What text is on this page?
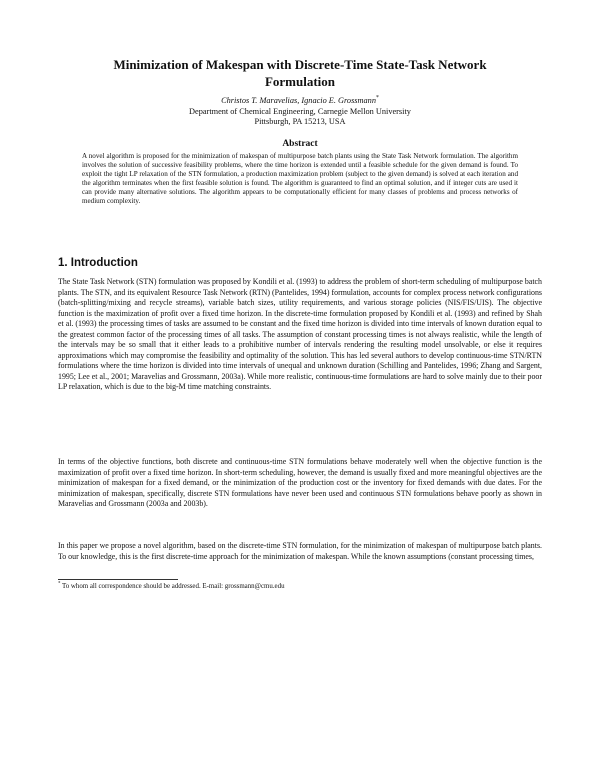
Minimization of Makespan with Discrete-Time State-Task Network Formulation
Christos T. Maravelias, Ignacio E. Grossmann*
Department of Chemical Engineering, Carnegie Mellon University
Pittsburgh, PA 15213, USA
Abstract

A novel algorithm is proposed for the minimization of makespan of multipurpose batch plants using the State Task Network formulation. The algorithm involves the solution of successive feasibility problems, where the time horizon is extended until a feasible schedule for the given demand is found. To exploit the tight LP relaxation of the STN formulation, a production maximization problem (subject to the given demand) is solved at each iteration and the algorithm terminates when the first feasible solution is found. The algorithm is guaranteed to find an optimal solution, and if integer cuts are used it can provide many alternative solutions. The algorithm appears to be computationally efficient for many classes of problems and process networks of medium complexity.

1. Introduction

The State Task Network (STN) formulation was proposed by Kondili et al. (1993) to address the problem of short-term scheduling of multipurpose batch plants. The STN, and its equivalent Resource Task Network (RTN) (Pantelides, 1994) formulation, accounts for complex process network configurations (batch-splitting/mixing and recycle streams), variable batch sizes, utility requirements, and various storage policies (NIS/FIS/UIS). The objective function is the maximization of profit over a fixed time horizon. In the discrete-time formulation proposed by Kondili et al. (1993) and refined by Shah et al. (1993) the processing times of tasks are assumed to be constant and the fixed time horizon is divided into time intervals of known duration equal to the greatest common factor of the processing times of all tasks. The assumption of constant processing times is not always realistic, while the length of the intervals may be so small that it either leads to a prohibitive number of intervals rendering the resulting model unsolvable, or else it requires approximations which may compromise the feasibility and optimality of the solution. This has led several authors to develop continuous-time STN/RTN formulations where the time horizon is divided into time intervals of unequal and unknown duration (Schilling and Pantelides, 1996; Zhang and Sargent, 1995; Lee et al., 2001; Maravelias and Grossmann, 2003a). While more realistic, continuous-time formulations are hard to solve mainly due to their poor LP relaxation, which is due to the big-M time matching constraints.

In terms of the objective functions, both discrete and continuous-time STN formulations behave moderately well when the objective function is the maximization of profit over a fixed time horizon. In short-term scheduling, however, the demand is usually fixed and more meaningful objectives are the minimization of makespan for a fixed demand, or the minimization of the production cost or the inventory for fixed demands with due dates. For the minimization of makespan, specifically, discrete STN formulations have never been used and continuous STN formulations behave poorly as shown in Maravelias and Grossmann (2003a and 2003b).

In this paper we propose a novel algorithm, based on the discrete-time STN formulation, for the minimization of makespan of multipurpose batch plants. To our knowledge, this is the first discrete-time approach for the minimization of makespan. While the known assumptions (constant processing times,

* To whom all correspondence should be addressed. E-mail: grossmann@cmu.edu
